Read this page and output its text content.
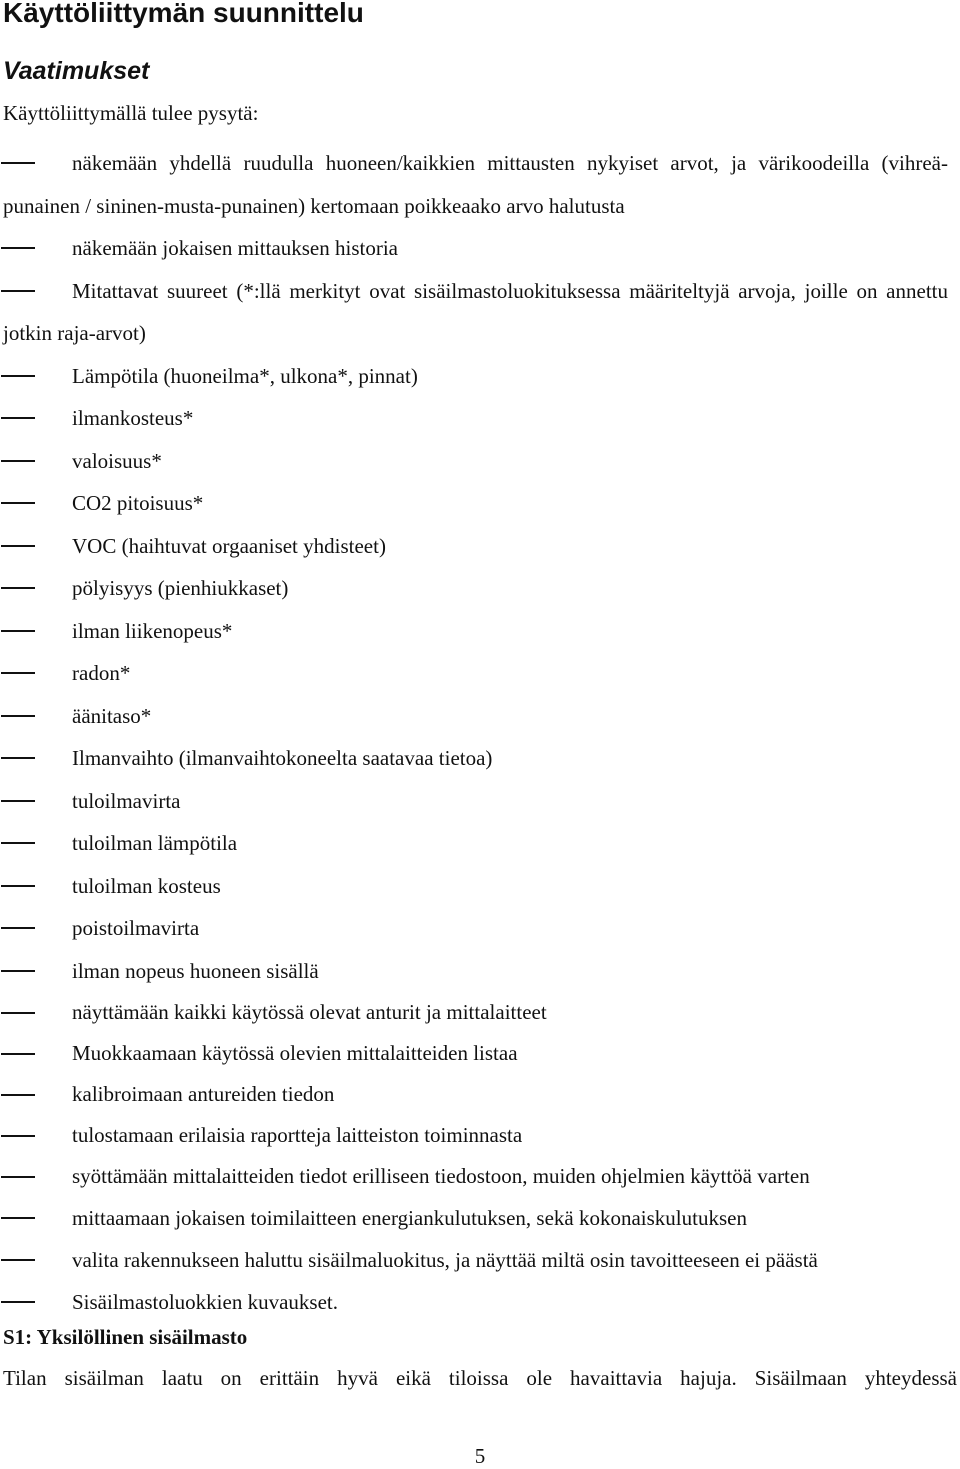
Käyttöliittymän suunnittelu
Vaatimukset
Käyttöliittymällä tulee pysytä:
näkemään yhdellä ruudulla huoneen/kaikkien mittausten nykyiset arvot, ja värikoodeilla (vihreä-punainen / sininen-musta-punainen) kertomaan poikkeaako arvo halutusta
näkemään jokaisen mittauksen historia
Mitattavat suureet (*:llä merkityt ovat sisäilmastoluokituksessa määriteltyjä arvoja, joille on annettu jotkin raja-arvot)
Lämpötila (huoneilma*, ulkona*, pinnat)
ilmankosteus*
valoisuus*
CO2 pitoisuus*
VOC (haihtuvat orgaaniset yhdisteet)
pölyisyys (pienhiukkaset)
ilman liikenopeus*
radon*
äänitaso*
Ilmanvaihto (ilmanvaihtokoneelta saatavaa tietoa)
tuloilmavirta
tuloilman lämpötila
tuloilman kosteus
poistoilmavirta
ilman nopeus huoneen sisällä
näyttämään kaikki käytössä olevat anturit ja mittalaitteet
Muokkaamaan käytössä olevien mittalaitteiden listaa
kalibroimaan antureiden tiedon
tulostamaan erilaisia raportteja laitteiston toiminnasta
syöttämään mittalaitteiden tiedot erilliseen tiedostoon, muiden ohjelmien käyttöä varten
mittaamaan jokaisen toimilaitteen energiankulutuksen, sekä kokonaiskulutuksen
valita rakennukseen haluttu sisäilmaluokitus, ja näyttää miltä osin tavoitteeseen ei päästä
Sisäilmastoluokkien kuvaukset.
S1: Yksilöllinen sisäilmasto
Tilan sisäilman laatu on erittäin hyvä eikä tiloissa ole havaittavia hajuja. Sisäilmaan yhteydessä
5
